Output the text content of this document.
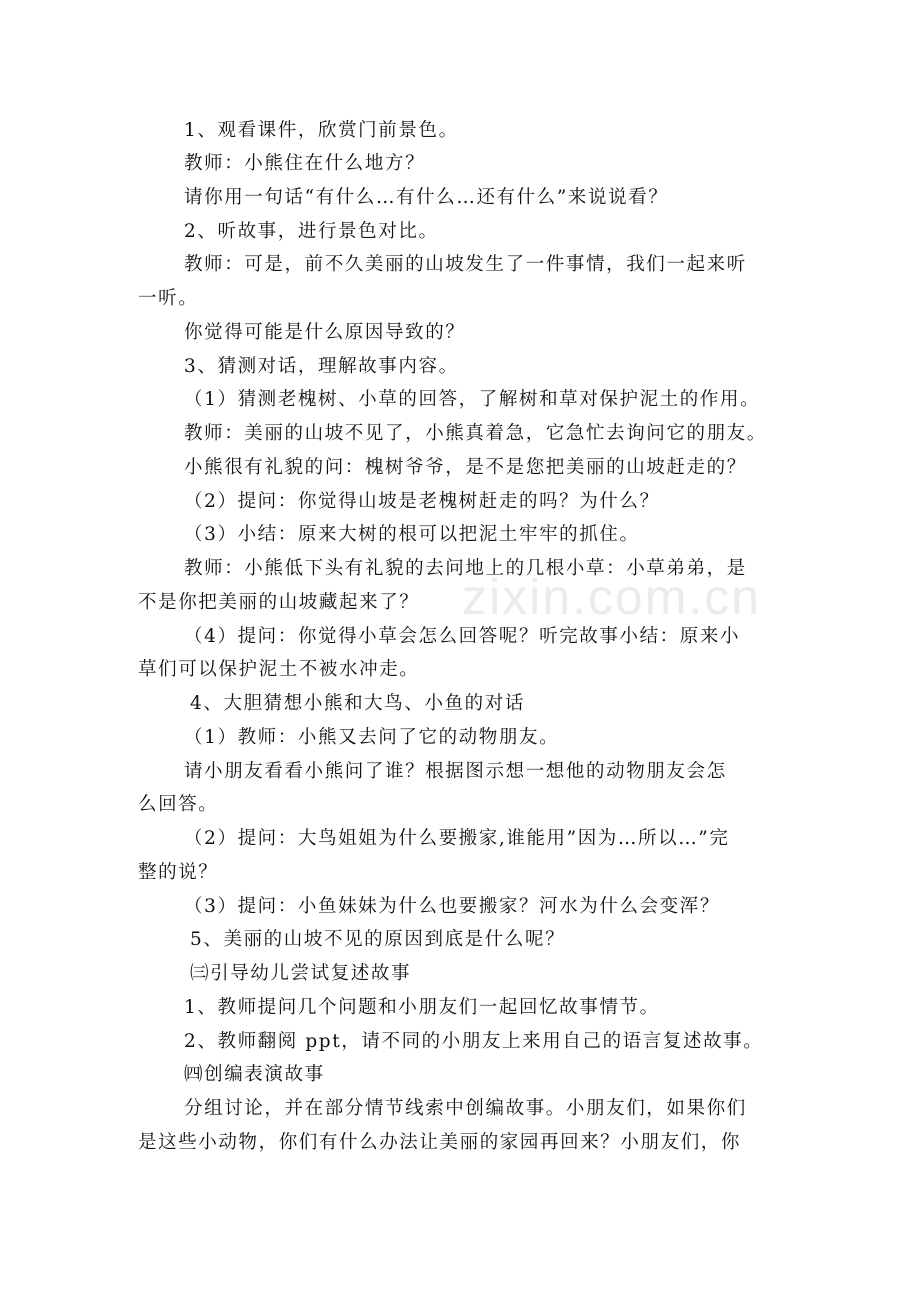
zixin.com.cn
1、观看课件，欣赏门前景色。
教师：小熊住在什么地方？
请你用一句话“有什么…有什么…还有什么”来说说看？
2、听故事，进行景色对比。
教师：可是，前不久美丽的山坡发生了一件事情，我们一起来听
一听。
你觉得可能是什么原因导致的？
3、猜测对话，理解故事内容。
（1）猜测老槐树、小草的回答，了解树和草对保护泥土的作用。
教师：美丽的山坡不见了，小熊真着急，它急忙去询问它的朋友。
小熊很有礼貌的问：槐树爷爷，是不是您把美丽的山坡赶走的？
（2）提问：你觉得山坡是老槐树赶走的吗？为什么？
（3）小结：原来大树的根可以把泥土牢牢的抓住。
教师：小熊低下头有礼貌的去问地上的几根小草：小草弟弟，是
不是你把美丽的山坡藏起来了？
（4）提问：你觉得小草会怎么回答呢？听完故事小结：原来小
草们可以保护泥土不被水冲走。
4、大胆猜想小熊和大鸟、小鱼的对话
（1）教师：小熊又去问了它的动物朋友。
请小朋友看看小熊问了谁？根据图示想一想他的动物朋友会怎
么回答。
（2）提问：大鸟姐姐为什么要搬家,谁能用”因为…所以…”完
整的说？
（3）提问：小鱼妹妹为什么也要搬家？河水为什么会变浑？
5、美丽的山坡不见的原因到底是什么呢？
㈢引导幼儿尝试复述故事
1、教师提问几个问题和小朋友们一起回忆故事情节。
2、教师翻阅 ppt，请不同的小朋友上来用自己的语言复述故事。
㈣创编表演故事
分组讨论，并在部分情节线索中创编故事。小朋友们，如果你们
是这些小动物，你们有什么办法让美丽的家园再回来？小朋友们，你
